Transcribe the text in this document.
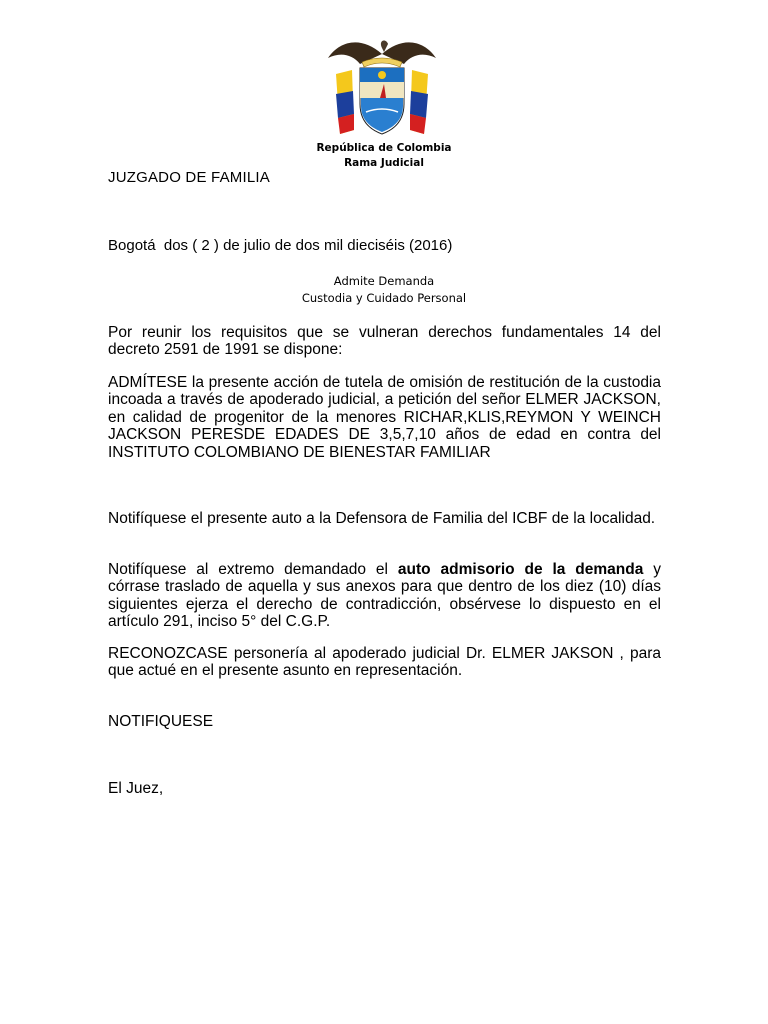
República de Colombia
Rama Judicial
JUZGADO DE FAMILIA
Bogotá  dos ( 2 ) de julio de dos mil dieciséis (2016)
Admite Demanda
Custodia y Cuidado Personal

Por reunir los requisitos que se vulneran derechos fundamentales 14 del decreto 2591 de 1991 se dispone:

ADMÍTESE la presente acción de tutela de omisión de restitución de la custodia incoada a través de apoderado judicial, a petición del señor ELMER JACKSON, en calidad de progenitor de la menores RICHAR,KLIS,REYMON Y WEINCH JACKSON PERESDE EDADES DE 3,5,7,10 años de edad en contra del INSTITUTO COLOMBIANO DE BIENESTAR FAMILIAR

Notifíquese el presente auto a la Defensora de Familia del ICBF de la localidad.

Notifíquese al extremo demandado el auto admisorio de la demanda y córrase traslado de aquella y sus anexos para que dentro de los diez (10) días siguientes ejerza el derecho de contradicción, obsérvese lo dispuesto en el artículo 291, inciso 5° del C.G.P.

RECONOZCASE personería al apoderado judicial Dr. ELMER JAKSON , para que actué en el presente asunto en representación.

NOTIFIQUESE
El Juez,
